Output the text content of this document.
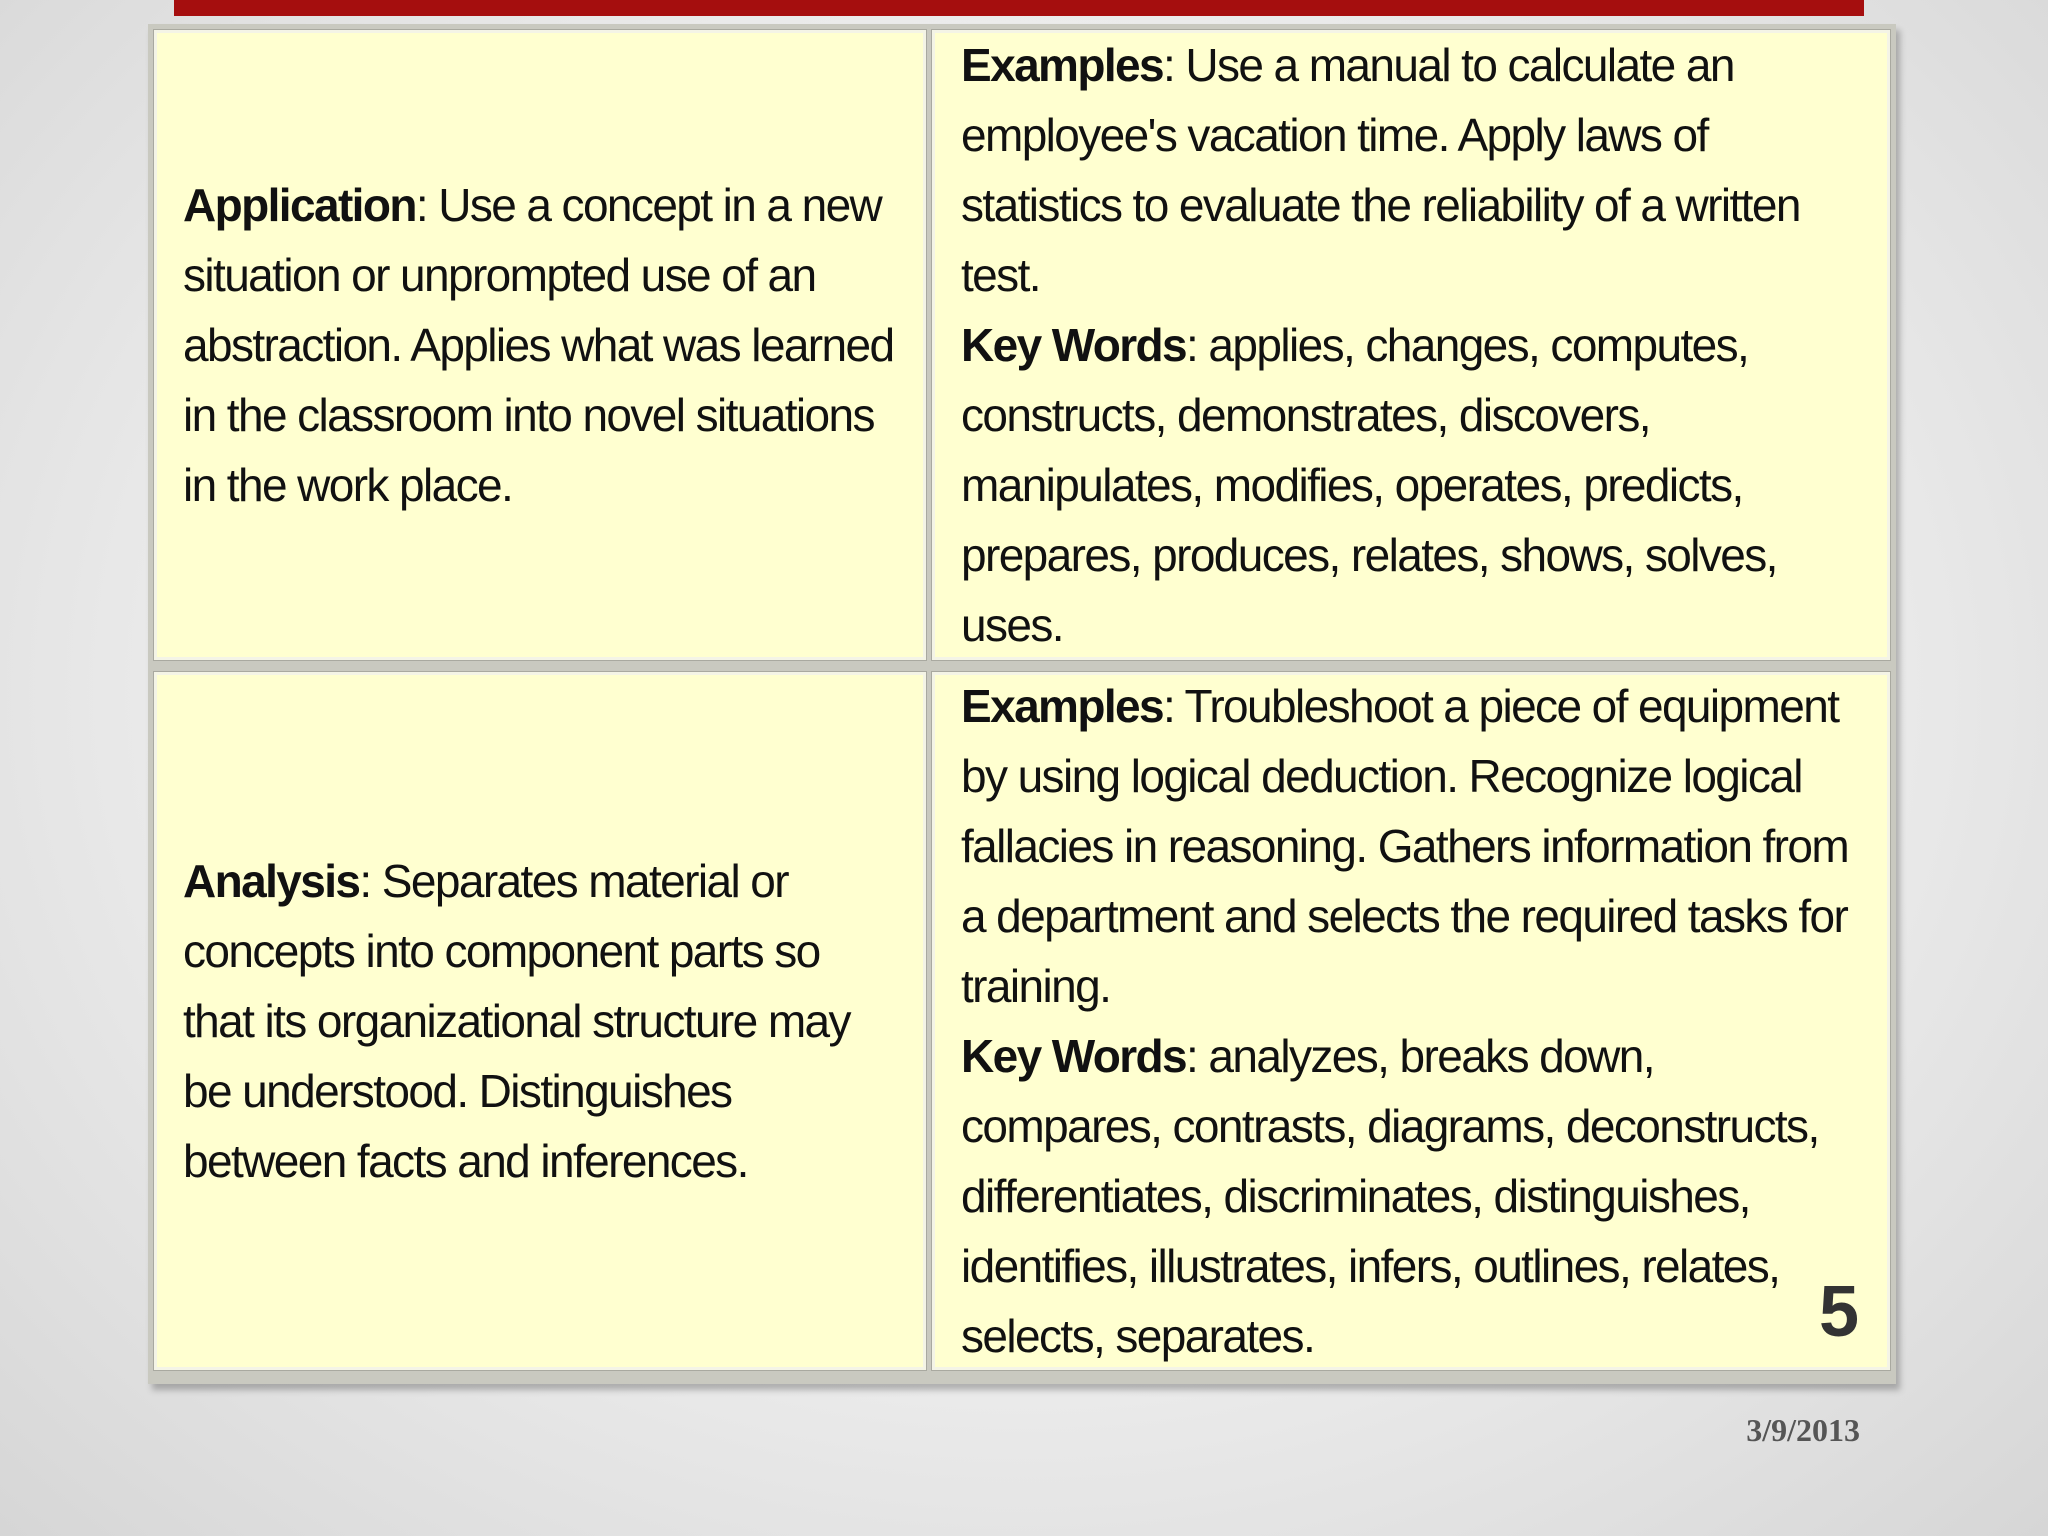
Application: Use a concept in a new situation or unprompted use of an abstraction. Applies what was learned in the classroom into novel situations in the work place.

Examples: Use a manual to calculate an employee's vacation time. Apply laws of statistics to evaluate the reliability of a written test.

Key Words: applies, changes, computes, constructs, demonstrates, discovers, manipulates, modifies, operates, predicts, prepares, produces, relates, shows, solves, uses.

Analysis: Separates material or concepts into component parts so that its organizational structure may be understood. Distinguishes between facts and inferences.

Examples: Troubleshoot a piece of equipment by using logical deduction. Recognize logical fallacies in reasoning. Gathers information from a department and selects the required tasks for training.

Key Words: analyzes, breaks down, compares, contrasts, diagrams, deconstructs, differentiates, discriminates, distinguishes, identifies, illustrates, infers, outlines, relates, selects, separates.	5
3/9/2013
